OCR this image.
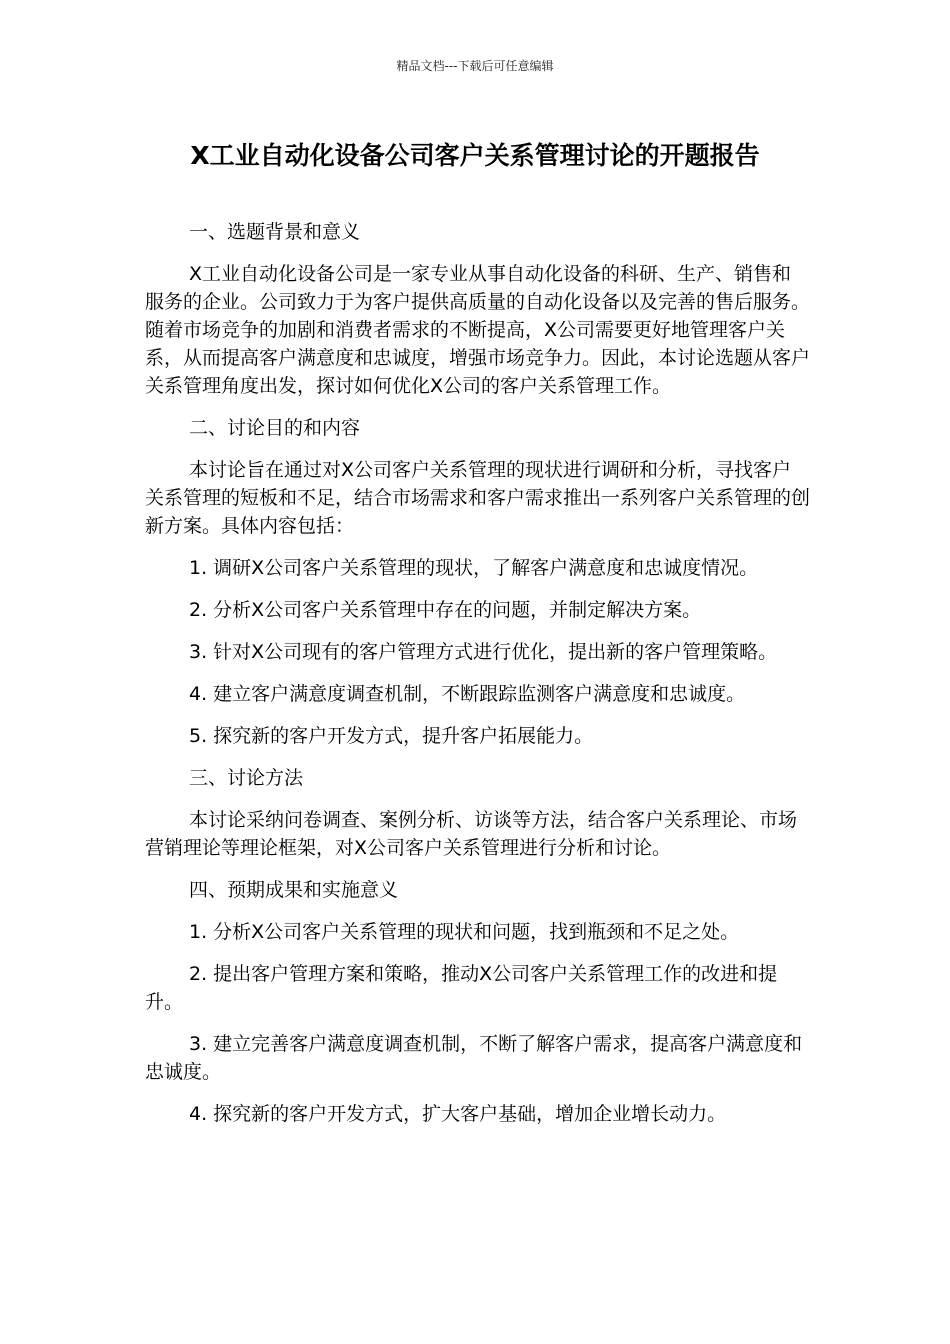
精品文档---下载后可任意编辑
X工业自动化设备公司客户关系管理讨论的开题报告

一、选题背景和意义

X工业自动化设备公司是一家专业从事自动化设备的科研、生产、销售和服务的企业。公司致力于为客户提供高质量的自动化设备以及完善的售后服务。随着市场竞争的加剧和消费者需求的不断提高，X公司需要更好地管理客户关系，从而提高客户满意度和忠诚度，增强市场竞争力。因此，本讨论选题从客户关系管理角度出发，探讨如何优化X公司的客户关系管理工作。

二、讨论目的和内容

本讨论旨在通过对X公司客户关系管理的现状进行调研和分析，寻找客户关系管理的短板和不足，结合市场需求和客户需求推出一系列客户关系管理的创新方案。具体内容包括：

1. 调研X公司客户关系管理的现状，了解客户满意度和忠诚度情况。

2. 分析X公司客户关系管理中存在的问题，并制定解决方案。

3. 针对X公司现有的客户管理方式进行优化，提出新的客户管理策略。

4. 建立客户满意度调查机制，不断跟踪监测客户满意度和忠诚度。

5. 探究新的客户开发方式，提升客户拓展能力。

三、讨论方法

本讨论采纳问卷调查、案例分析、访谈等方法，结合客户关系理论、市场营销理论等理论框架，对X公司客户关系管理进行分析和讨论。

四、预期成果和实施意义

1. 分析X公司客户关系管理的现状和问题，找到瓶颈和不足之处。

2. 提出客户管理方案和策略，推动X公司客户关系管理工作的改进和提升。

3. 建立完善客户满意度调查机制，不断了解客户需求，提高客户满意度和忠诚度。

4. 探究新的客户开发方式，扩大客户基础，增加企业增长动力。
